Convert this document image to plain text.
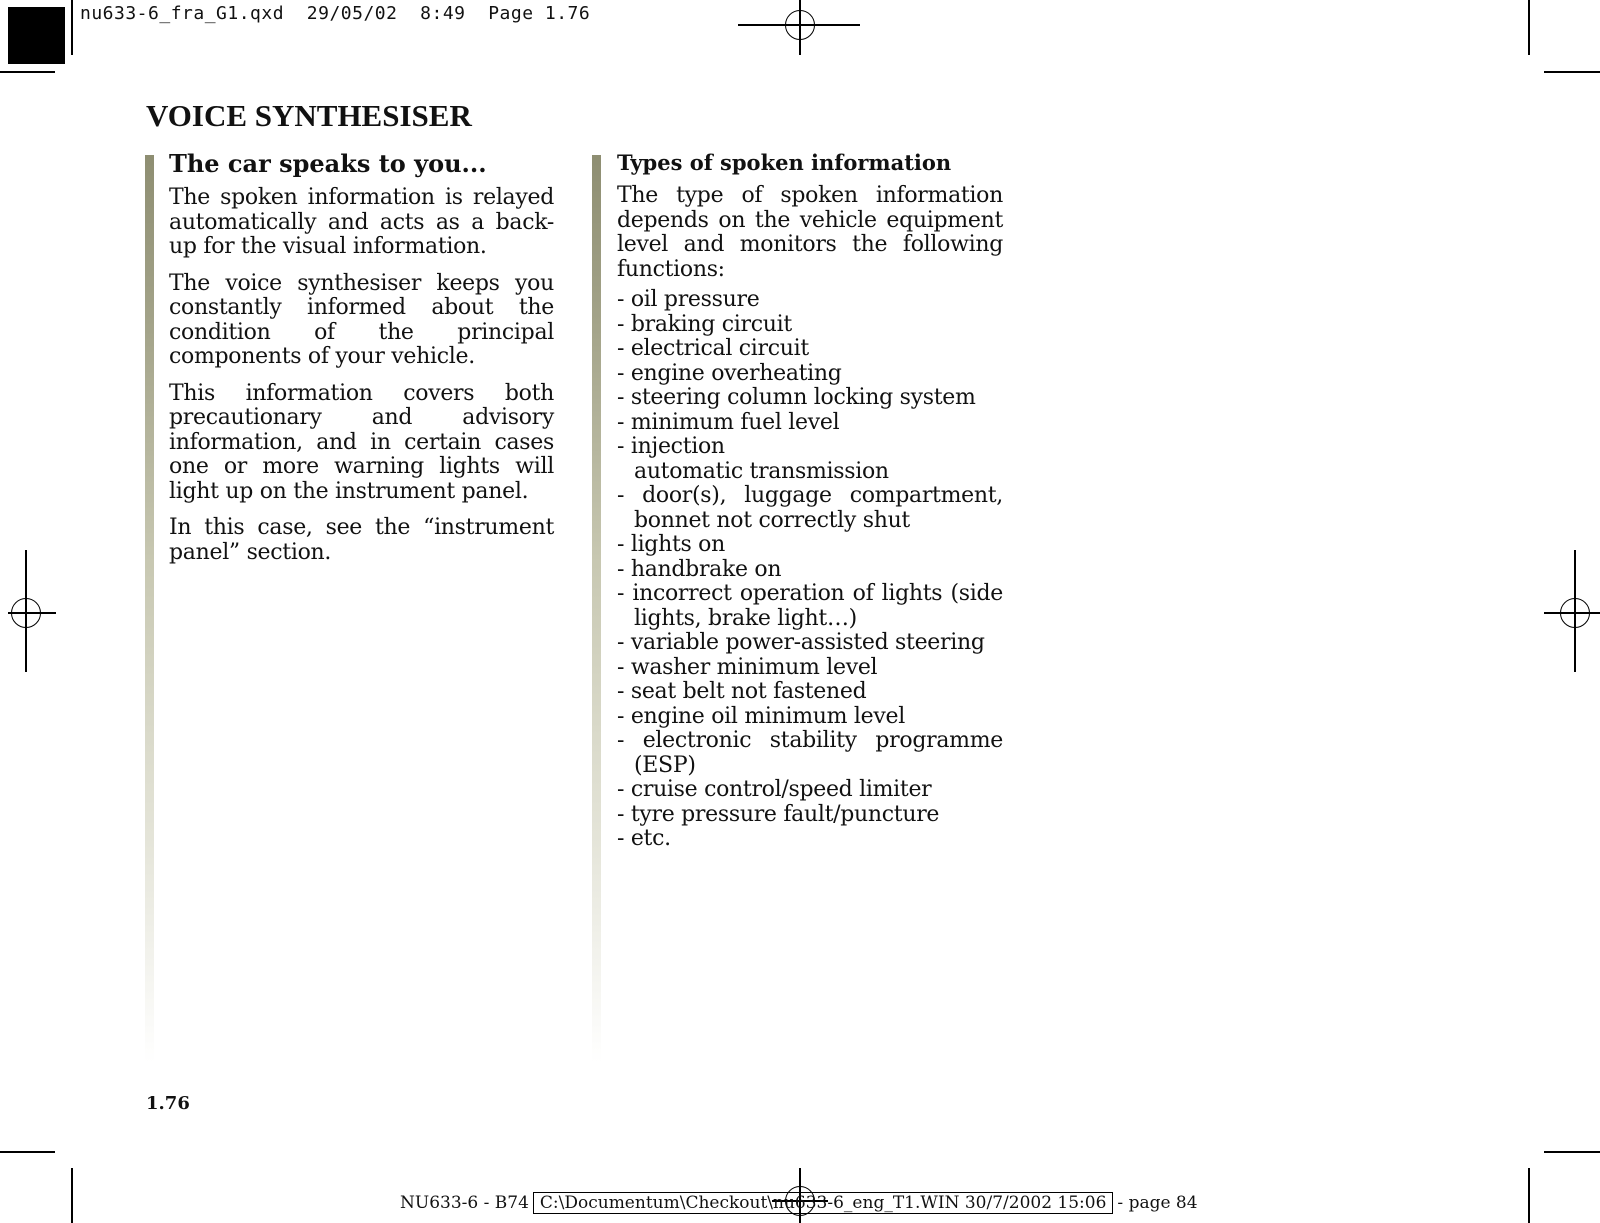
nu633-6_fra_G1.qxd 29/05/02 8:49 Page 1.76
VOICE SYNTHESISER
The car speaks to you...

The spoken information is relayed automatically and acts as a back-up for the visual information.

The voice synthesiser keeps you constantly informed about the condition of the principal components of your vehicle.

This information covers both precautionary and advisory information, and in certain cases one or more warning lights will light up on the instrument panel.

In this case, see the “instrument panel” section.

Types of spoken information

The type of spoken information depends on the vehicle equipment level and monitors the following functions:

- oil pressure
- braking circuit
- electrical circuit
- engine overheating
- steering column locking system
- minimum fuel level
- injection
automatic transmission
- door(s), luggage compartment, bonnet not correctly shut
- lights on
- handbrake on
- incorrect operation of lights (side lights, brake light…)
- variable power-assisted steering
- washer minimum level
- seat belt not fastened
- engine oil minimum level
- electronic stability programme (ESP)
- cruise control/speed limiter
- tyre pressure fault/puncture
- etc.
1.76
NU633-6 - B74 C:\Documentum\Checkout\nu633-6_eng_T1.WIN 30/7/2002 15:06 - page 84
